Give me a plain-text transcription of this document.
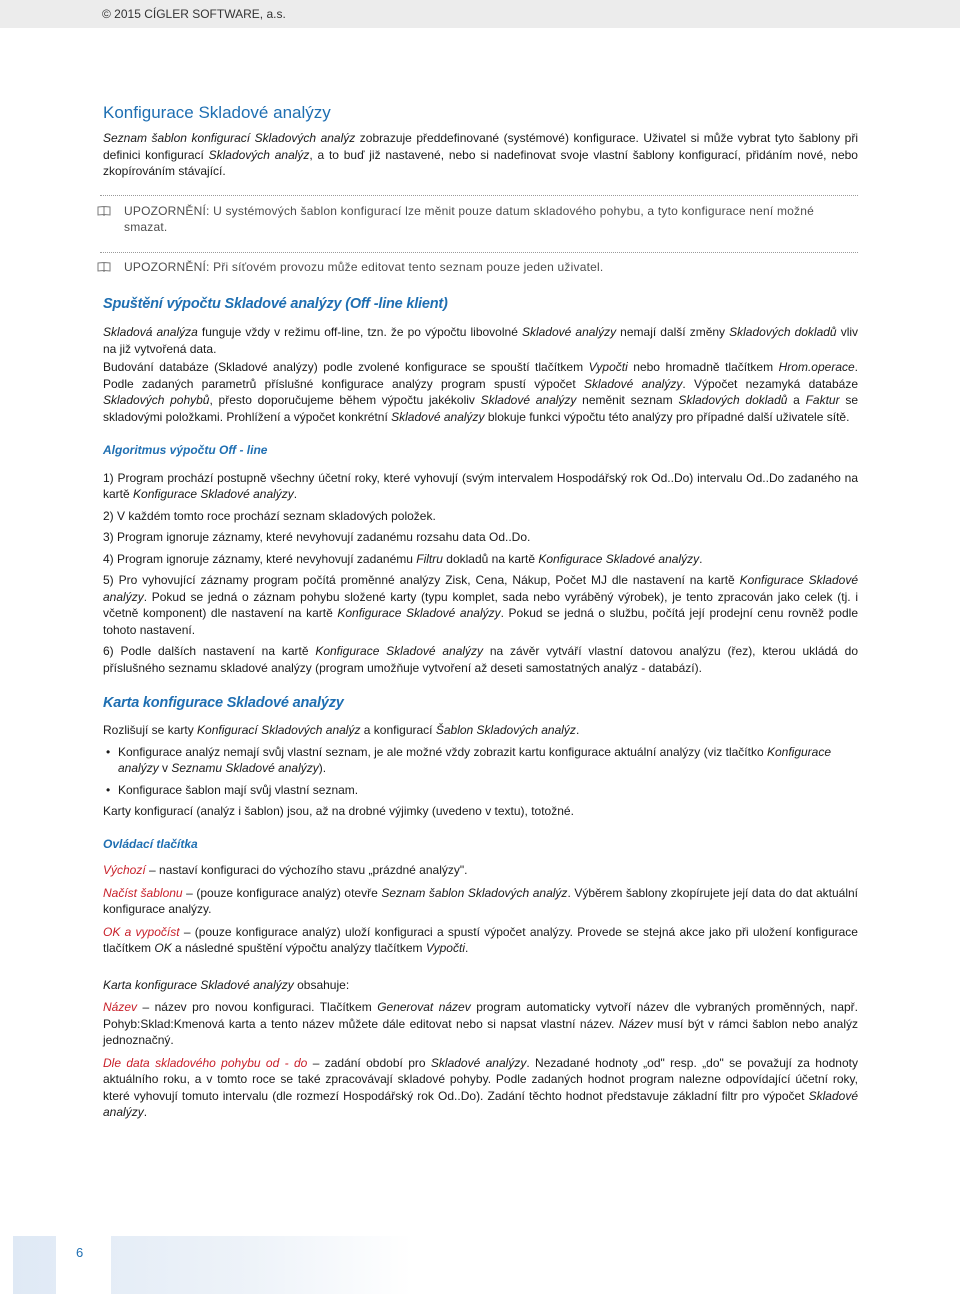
© 2015 CÍGLER SOFTWARE, a.s.
Konfigurace Skladové analýzy

Seznam šablon konfigurací Skladových analýz zobrazuje předdefinované (systémové) konfigurace. Uživatel si může vybrat tyto šablony při definici konfigurací Skladových analýz, a to buď již nastavené, nebo si nadefinovat svoje vlastní šablony konfigurací, přidáním nové, nebo zkopírováním stávající.

UPOZORNĚNÍ: U systémových šablon konfigurací lze měnit pouze datum skladového pohybu, a tyto konfigurace není možné smazat.
UPOZORNĚNÍ: Při síťovém provozu může editovat tento seznam pouze jeden uživatel.
Spuštění výpočtu Skladové analýzy (Off -line klient)

Skladová analýza funguje vždy v režimu off-line, tzn. že po výpočtu libovolné Skladové analýzy nemají další změny Skladových dokladů vliv na již vytvořená data.

Budování databáze (Skladové analýzy) podle zvolené konfigurace se spouští tlačítkem Vypočti nebo hromadně tlačítkem Hrom.operace. Podle zadaných parametrů příslušné konfigurace analýzy program spustí výpočet Skladové analýzy. Výpočet nezamyká databáze Skladových pohybů, přesto doporučujeme během výpočtu jakékoliv Skladové analýzy neměnit seznam Skladových dokladů a Faktur se skladovými položkami. Prohlížení a výpočet konkrétní Skladové analýzy blokuje funkci výpočtu této analýzy pro případné další uživatele sítě.

Algoritmus výpočtu Off - line

1) Program prochází postupně všechny účetní roky, které vyhovují (svým intervalem Hospodářský rok Od..Do) intervalu Od..Do zadaného na kartě Konfigurace Skladové analýzy.

2) V každém tomto roce prochází seznam skladových položek.

3) Program ignoruje záznamy, které nevyhovují zadanému rozsahu data Od..Do.

4) Program ignoruje záznamy, které nevyhovují zadanému Filtru dokladů na kartě Konfigurace Skladové analýzy.

5) Pro vyhovující záznamy program počítá proměnné analýzy Zisk, Cena, Nákup, Počet MJ dle nastavení na kartě Konfigurace Skladové analýzy. Pokud se jedná o záznam pohybu složené karty (typu komplet, sada nebo vyráběný výrobek), je tento zpracován jako celek (tj. i včetně komponent) dle nastavení na kartě Konfigurace Skladové analýzy. Pokud se jedná o službu, počítá její prodejní cenu rovněž podle tohoto nastavení.

6) Podle dalších nastavení na kartě Konfigurace Skladové analýzy na závěr vytváří vlastní datovou analýzu (řez), kterou ukládá do příslušného seznamu skladové analýzy (program umožňuje vytvoření až deseti samostatných analýz - databází).

Karta konfigurace Skladové analýzy

Rozlišují se karty Konfigurací Skladových analýz a konfigurací Šablon Skladových analýz.

• Konfigurace analýz nemají svůj vlastní seznam, je ale možné vždy zobrazit kartu konfigurace aktuální analýzy (viz tlačítko Konfigurace analýzy v Seznamu Skladové analýzy).
• Konfigurace šablon mají svůj vlastní seznam.

Karty konfigurací (analýz i šablon) jsou, až na drobné výjimky (uvedeno v textu), totožné.

Ovládací tlačítka

Výchozí – nastaví konfiguraci do výchozího stavu „prázdné analýzy".

Načíst šablonu – (pouze konfigurace analýz) otevře Seznam šablon Skladových analýz. Výběrem šablony zkopírujete její data do dat aktuální konfigurace analýzy.

OK a vypočíst – (pouze konfigurace analýz) uloží konfiguraci a spustí výpočet analýzy. Provede se stejná akce jako při uložení konfigurace tlačítkem OK a následné spuštění výpočtu analýzy tlačítkem Vypočti.

Karta konfigurace Skladové analýzy obsahuje:

Název – název pro novou konfiguraci. Tlačítkem Generovat název program automaticky vytvoří název dle vybraných proměnných, např. Pohyb:Sklad:Kmenová karta a tento název můžete dále editovat nebo si napsat vlastní název. Název musí být v rámci šablon nebo analýz jednoznačný.

Dle data skladového pohybu od - do – zadání období pro Skladové analýzy. Nezadané hodnoty „od" resp. „do" se považují za hodnoty aktuálního roku, a v tomto roce se také zpracovávají skladové pohyby. Podle zadaných hodnot program nalezne odpovídající účetní roky, které vyhovují tomuto intervalu (dle rozmezí Hospodářský rok Od..Do). Zadání těchto hodnot představuje základní filtr pro výpočet Skladové analýzy.

6
